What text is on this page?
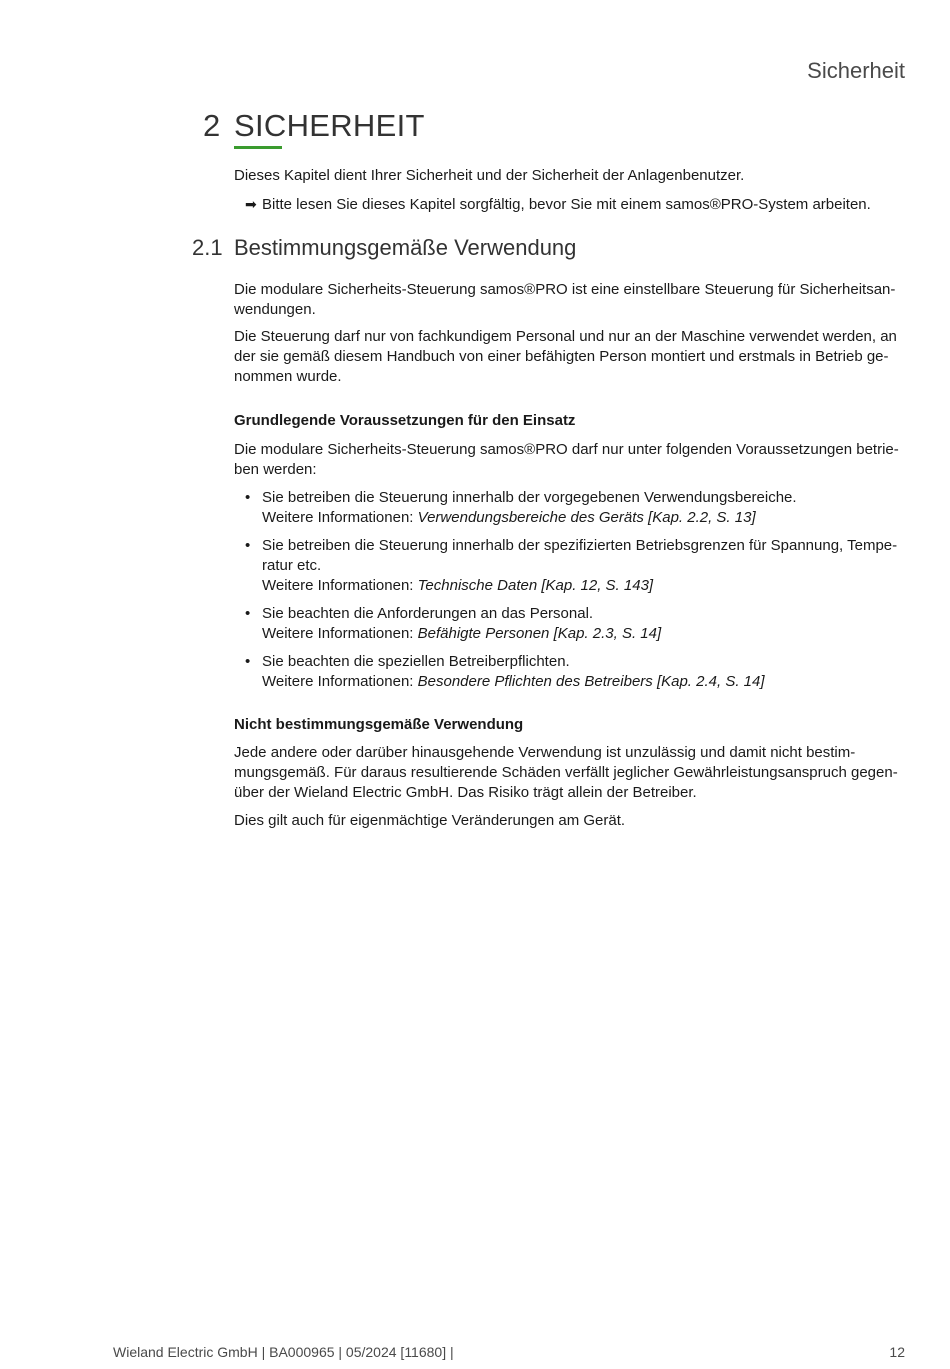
Sicherheit
2 SICHERHEIT

Dieses Kapitel dient Ihrer Sicherheit und der Sicherheit der Anlagenbenutzer.

➡ Bitte lesen Sie dieses Kapitel sorgfältig, bevor Sie mit einem samos®PRO-System arbeiten.
2.1 Bestimmungsgemäße Verwendung
Die modulare Sicherheits-Steuerung samos®PRO ist eine einstellbare Steuerung für Sicherheitsan-
wendungen.
Die Steuerung darf nur von fachkundigem Personal und nur an der Maschine verwendet werden, an
der sie gemäß diesem Handbuch von einer befähigten Person montiert und erstmals in Betrieb ge-
nommen wurde.
Grundlegende Voraussetzungen für den Einsatz
Die modulare Sicherheits-Steuerung samos®PRO darf nur unter folgenden Voraussetzungen betrie-
ben werden:
• Sie betreiben die Steuerung innerhalb der vorgegebenen Verwendungsbereiche.
Weitere Informationen: Verwendungsbereiche des Geräts [Kap. 2.2, S. 13]
• Sie betreiben die Steuerung innerhalb der spezifizierten Betriebsgrenzen für Spannung, Tempe-
ratur etc.
Weitere Informationen: Technische Daten [Kap. 12, S. 143]
• Sie beachten die Anforderungen an das Personal.
Weitere Informationen: Befähigte Personen [Kap. 2.3, S. 14]
• Sie beachten die speziellen Betreiberpflichten.
Weitere Informationen: Besondere Pflichten des Betreibers [Kap. 2.4, S. 14]
Nicht bestimmungsgemäße Verwendung
Jede andere oder darüber hinausgehende Verwendung ist unzulässig und damit nicht bestim-
mungsgemäß. Für daraus resultierende Schäden verfällt jeglicher Gewährleistungsanspruch gegen-
über der Wieland Electric GmbH. Das Risiko trägt allein der Betreiber.
Dies gilt auch für eigenmächtige Veränderungen am Gerät.
Wieland Electric GmbH | BA000965 | 05/2024 [11680] |	12
